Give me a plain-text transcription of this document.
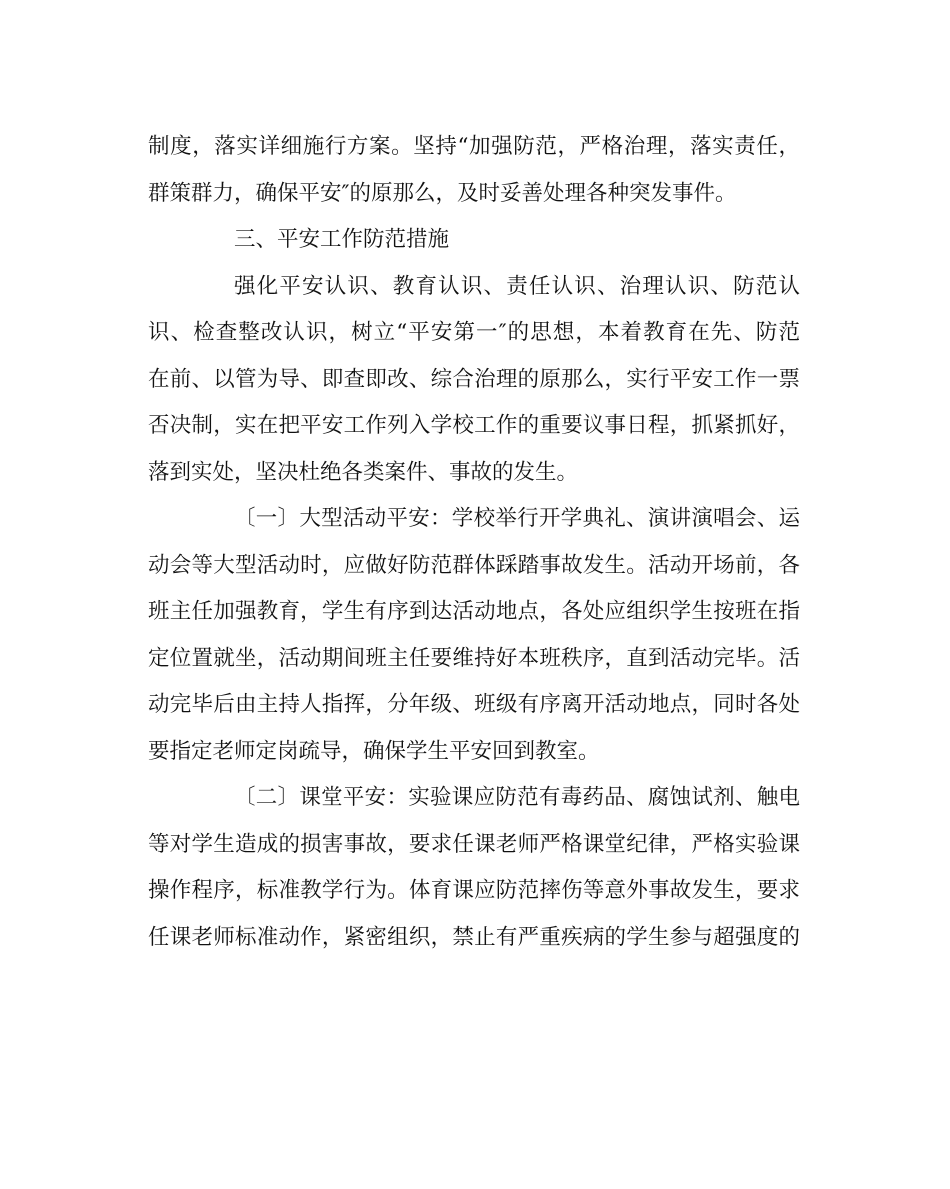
制度，落实详细施行方案。坚持“加强防范，严格治理，落实责任，
群策群力，确保平安″的原那么，及时妥善处理各种突发事件。
三、平安工作防范措施
强化平安认识、教育认识、责任认识、治理认识、防范认
识、检查整改认识，树立“平安第一″的思想，本着教育在先、防范
在前、以管为导、即查即改、综合治理的原那么，实行平安工作一票
否决制，实在把平安工作列入学校工作的重要议事日程，抓紧抓好，
落到实处，坚决杜绝各类案件、事故的发生。
〔一〕大型活动平安：学校举行开学典礼、演讲演唱会、运
动会等大型活动时，应做好防范群体踩踏事故发生。活动开场前，各
班主任加强教育，学生有序到达活动地点，各处应组织学生按班在指
定位置就坐，活动期间班主任要维持好本班秩序，直到活动完毕。活
动完毕后由主持人指挥，分年级、班级有序离开活动地点，同时各处
要指定老师定岗疏导，确保学生平安回到教室。
〔二〕课堂平安：实验课应防范有毒药品、腐蚀试剂、触电
等对学生造成的损害事故，要求任课老师严格课堂纪律，严格实验课
操作程序，标准教学行为。体育课应防范摔伤等意外事故发生，要求
任课老师标准动作，紧密组织，禁止有严重疾病的学生参与超强度的
